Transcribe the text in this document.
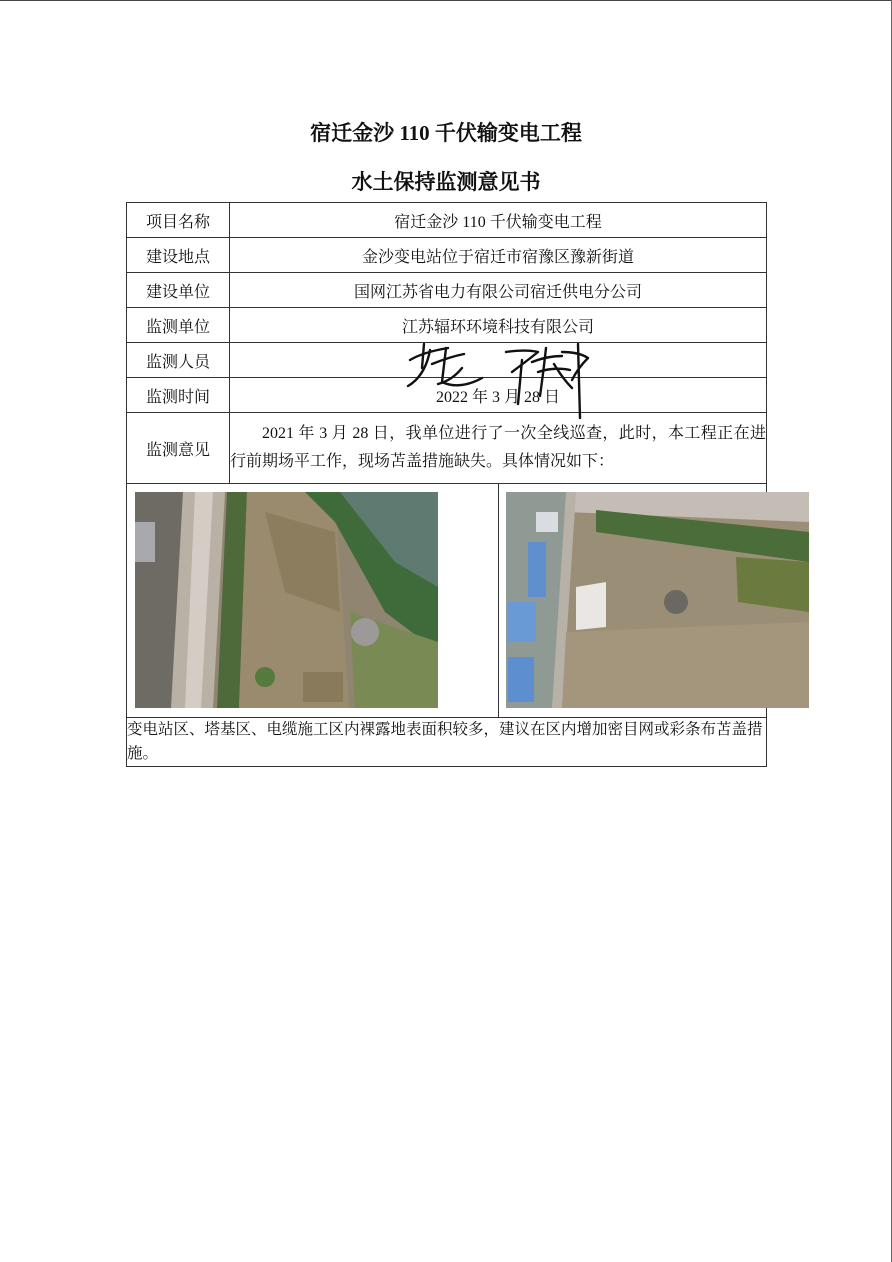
宿迁金沙 110 千伏输变电工程
水土保持监测意见书
项目名称	宿迁金沙 110 千伏输变电工程	
建设地点	金沙变电站位于宿迁市宿豫区豫新街道	
建设单位	国网江苏省电力有限公司宿迁供电分公司	
监测单位	江苏辐环环境科技有限公司	
监测人员		
监测时间	2022 年 3 月 28 日	
监测意见	2021 年 3 月 28 日，我单位进行了一次全线巡查，此时，本工程正在进行前期场平工作，现场苫盖措施缺失。具体情况如下：	

变电站区、塔基区、电缆施工区内裸露地表面积较多，建议在区内增加密目网或彩条布苫盖措施。		
